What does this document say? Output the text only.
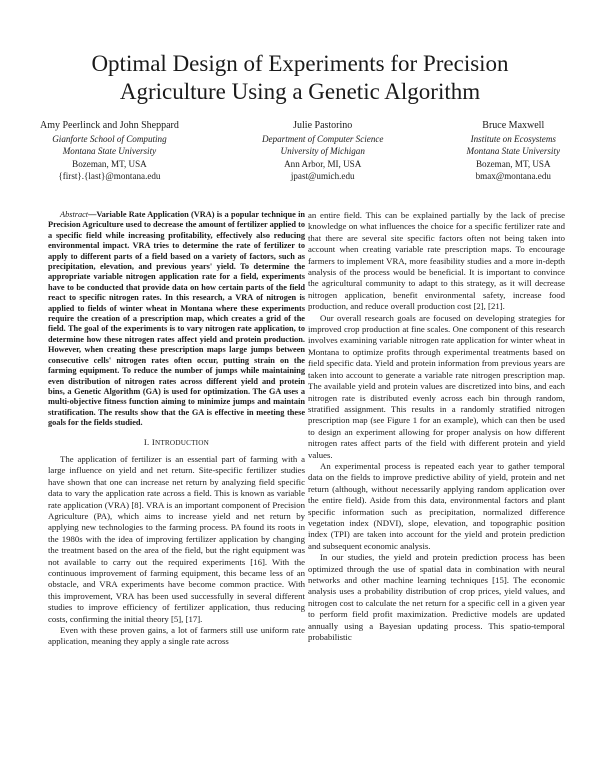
Optimal Design of Experiments for Precision
Agriculture Using a Genetic Algorithm
Amy Peerlinck and John Sheppard
Gianforte School of Computing
Montana State University
Bozeman, MT, USA
{first}.{last}@montana.edu
Julie Pastorino
Department of Computer Science
University of Michigan
Ann Arbor, MI, USA
jpast@umich.edu
Bruce Maxwell
Institute on Ecosystems
Montana State University
Bozeman, MT, USA
bmax@montana.edu

Abstract—Variable Rate Application (VRA) is a popular technique in Precision Agriculture used to decrease the amount of fertilizer applied to a specific field while increasing profitability, effectively also reducing environmental impact. VRA tries to determine the rate of fertilizer to apply to different parts of a field based on a variety of factors, such as precipitation, elevation, and previous years' yield. To determine the appropriate variable nitrogen application rate for a field, experiments have to be conducted that provide data on how certain parts of the field react to specific nitrogen rates. In this research, a VRA of nitrogen is applied to fields of winter wheat in Montana where these experiments require the creation of a prescription map, which creates a grid of the field. The goal of the experiments is to vary nitrogen rate application, to determine how these nitrogen rates affect yield and protein production. However, when creating these prescription maps large jumps between consecutive cells' nitrogen rates often occur, putting strain on the farming equipment. To reduce the number of jumps while maintaining even distribution of nitrogen rates across different yield and protein bins, a Genetic Algorithm (GA) is used for optimization. The GA uses a multi-objective fitness function aiming to minimize jumps and maintain stratification. The results show that the GA is effective in meeting these goals for the fields studied.

I. INTRODUCTION

The application of fertilizer is an essential part of farming with a large influence on yield and net return. Site-specific fertilizer studies have shown that one can increase net return by analyzing field specific data to vary the application rate across a field. This is known as variable rate application (VRA) [8]. VRA is an important component of Precision Agriculture (PA), which aims to increase yield and net return by applying new technologies to the farming process. PA found its roots in the 1980s with the idea of improving fertilizer application by changing the treatment based on the area of the field, but the right equipment was not available to carry out the required experiments [16]. With the continuous improvement of farming equipment, this became less of an obstacle, and VRA experiments have become common practice. With this improvement, VRA has been used successfully in several different studies to improve efficiency of fertilizer application, thus reducing costs, confirming the initial theory [5], [17].

Even with these proven gains, a lot of farmers still use uniform rate application, meaning they apply a single rate across

an entire field. This can be explained partially by the lack of precise knowledge on what influences the choice for a specific fertilizer rate and that there are several site specific factors often not being taken into account when creating variable rate prescription maps. To encourage farmers to implement VRA, more feasibility studies and a more in-depth analysis of the process would be beneficial. It is important to convince the agricultural community to adapt to this strategy, as it will decrease nitrogen application, benefit environmental safety, increase food production, and reduce overall production cost [2], [21].

Our overall research goals are focused on developing strategies for improved crop production at fine scales. One component of this research involves examining variable nitrogen rate application for winter wheat in Montana to optimize profits through experimental treatments based on field specific data. Yield and protein information from previous years are taken into account to generate a variable rate nitrogen prescription map. The available yield and protein values are discretized into bins, and each nitrogen rate is distributed evenly across each bin through random, stratified assignment. This results in a randomly stratified nitrogen prescription map (see Figure 1 for an example), which can then be used to design an experiment allowing for proper analysis on how different nitrogen rates affect parts of the field with different protein and yield values.

An experimental process is repeated each year to gather temporal data on the fields to improve predictive ability of yield, protein and net return (although, without necessarily applying random application over the entire field). Aside from this data, environmental factors and plant specific information such as precipitation, normalized difference vegetation index (NDVI), slope, elevation, and topographic position index (TPI) are taken into account for the yield and protein prediction and subsequent economic analysis.

In our studies, the yield and protein prediction process has been optimized through the use of spatial data in combination with neural networks and other machine learning techniques [15]. The economic analysis uses a probability distribution of crop prices, yield values, and nitrogen cost to calculate the net return for a specific cell in a given year to perform field profit maximization. Predictive models are updated annually using a Bayesian updating process. This spatio-temporal probabilistic
